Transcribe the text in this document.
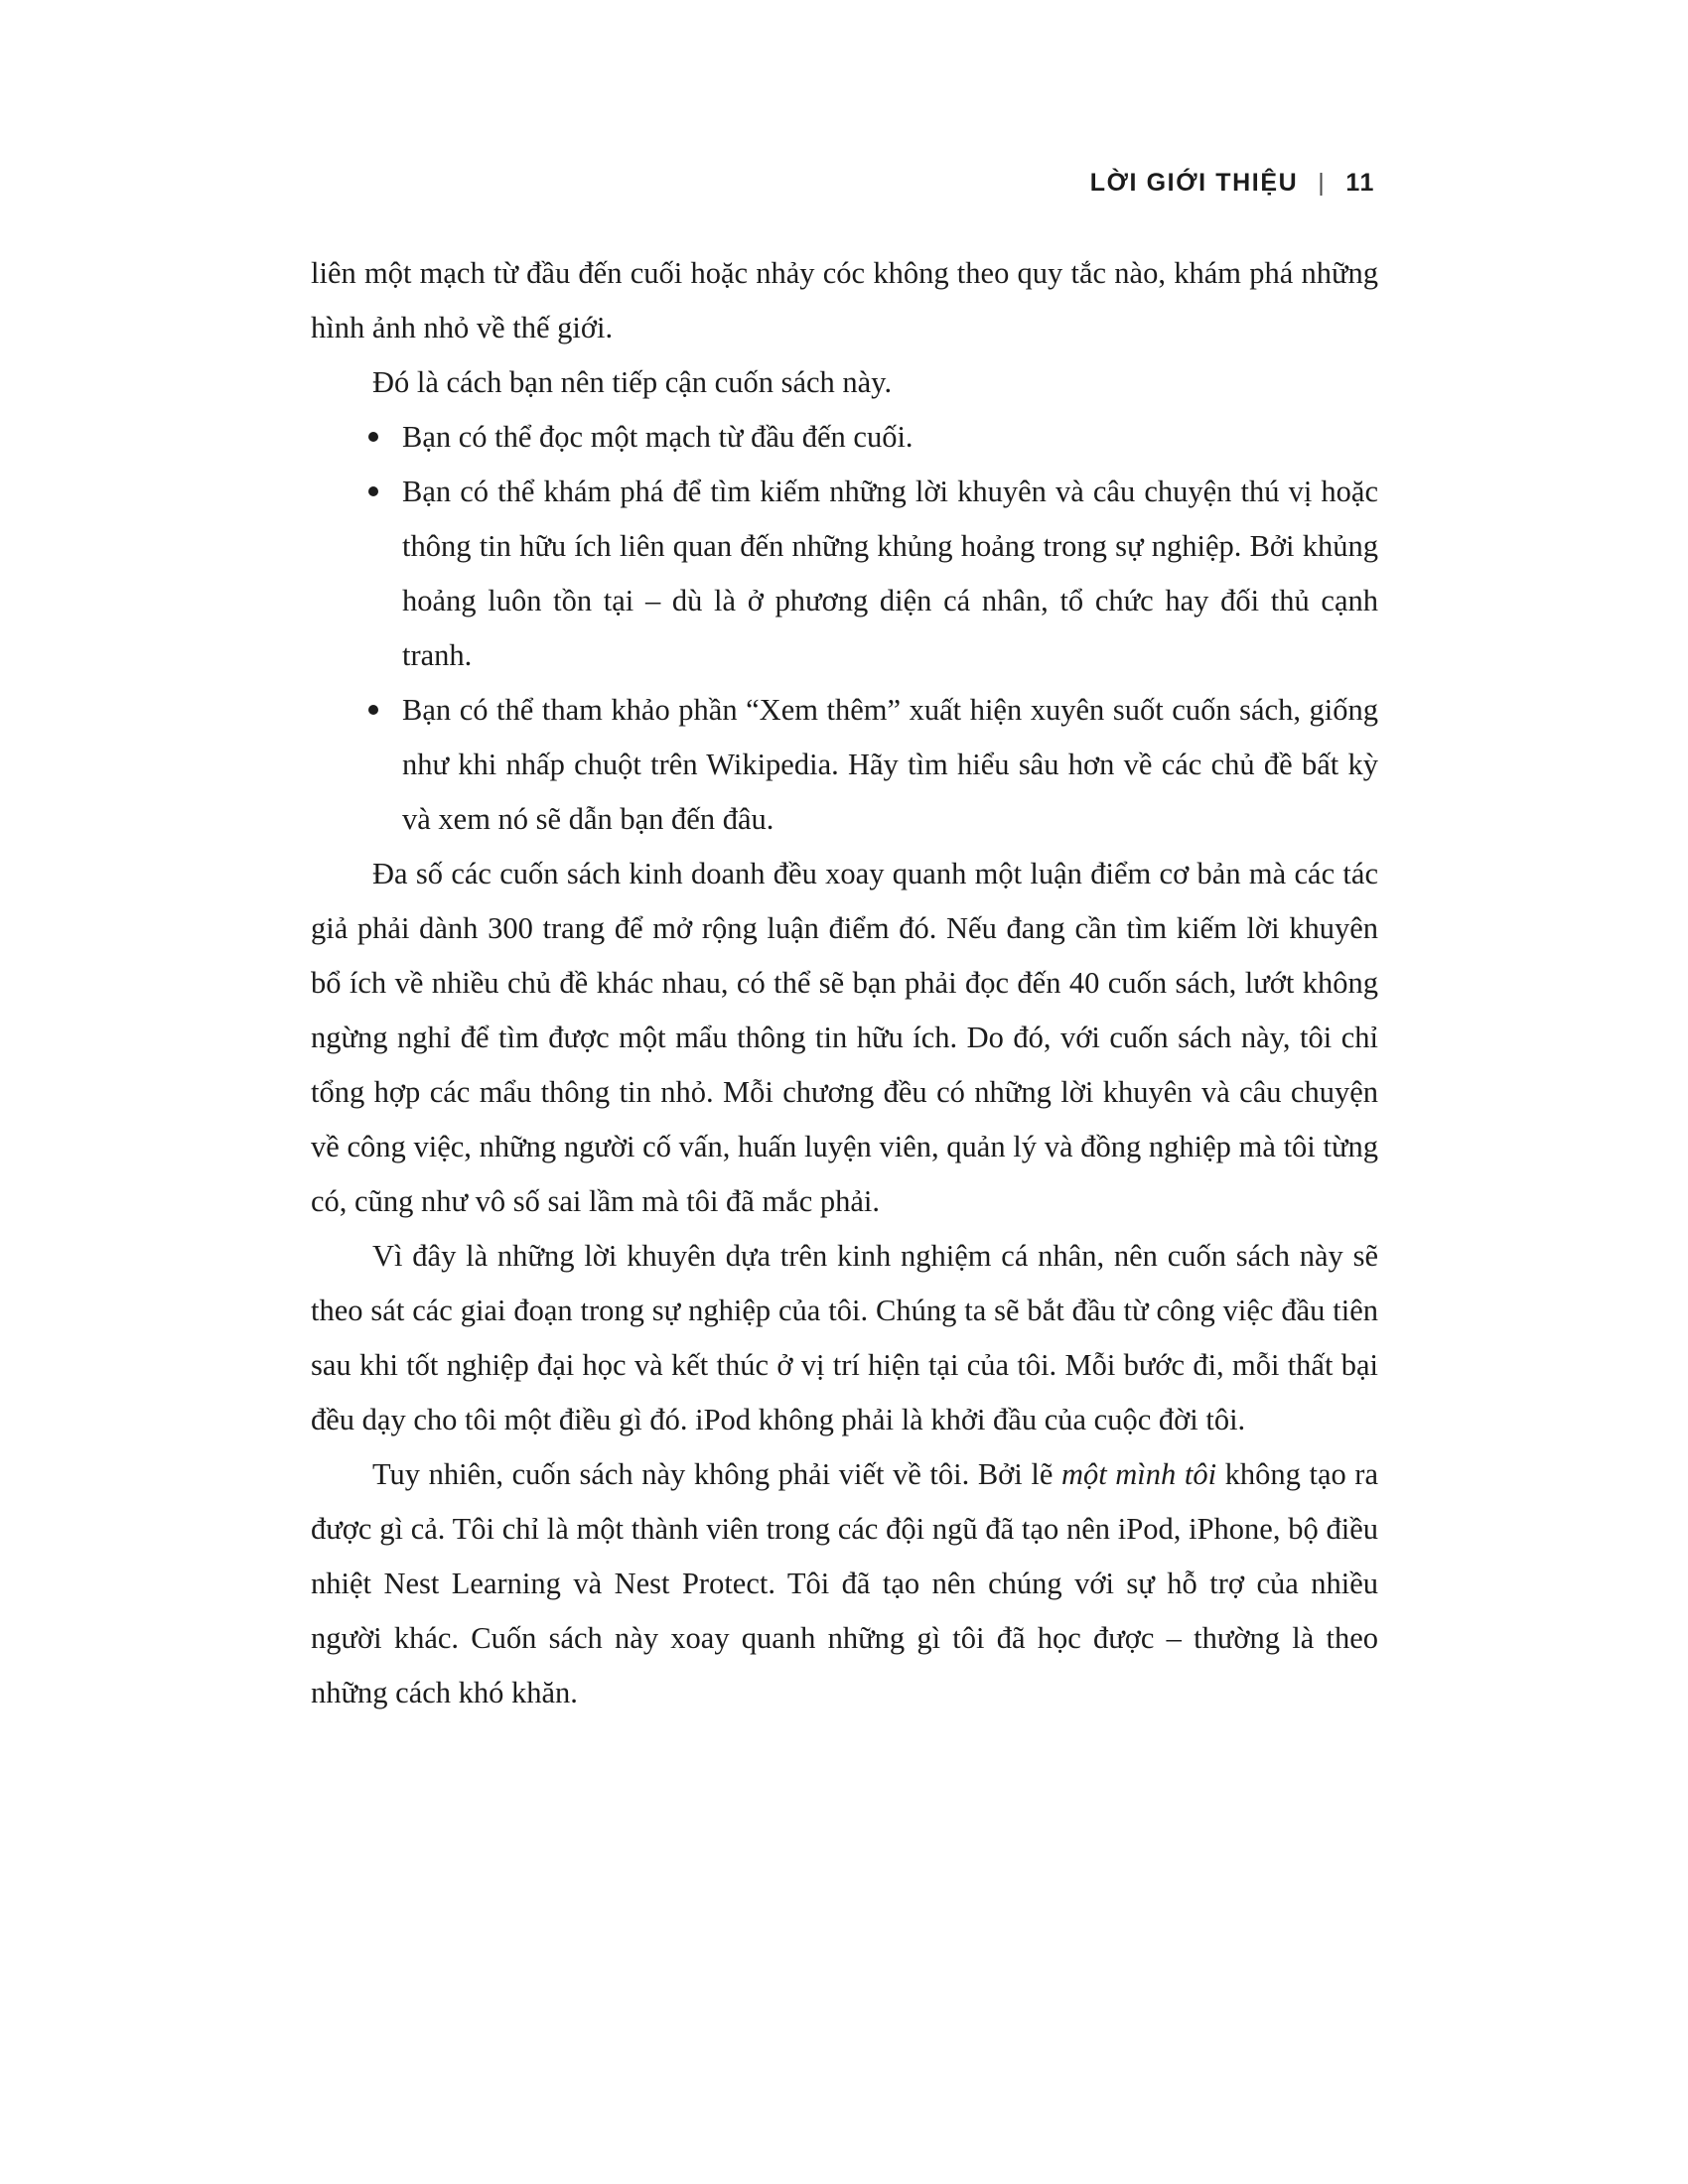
LỜI GIỚI THIỆU | 11

liên một mạch từ đầu đến cuối hoặc nhảy cóc không theo quy tắc nào, khám phá những hình ảnh nhỏ về thế giới.

Đó là cách bạn nên tiếp cận cuốn sách này.

Bạn có thể đọc một mạch từ đầu đến cuối.
Bạn có thể khám phá để tìm kiếm những lời khuyên và câu chuyện thú vị hoặc thông tin hữu ích liên quan đến những khủng hoảng trong sự nghiệp. Bởi khủng hoảng luôn tồn tại – dù là ở phương diện cá nhân, tổ chức hay đối thủ cạnh tranh.
Bạn có thể tham khảo phần “Xem thêm” xuất hiện xuyên suốt cuốn sách, giống như khi nhấp chuột trên Wikipedia. Hãy tìm hiểu sâu hơn về các chủ đề bất kỳ và xem nó sẽ dẫn bạn đến đâu.

Đa số các cuốn sách kinh doanh đều xoay quanh một luận điểm cơ bản mà các tác giả phải dành 300 trang để mở rộng luận điểm đó. Nếu đang cần tìm kiếm lời khuyên bổ ích về nhiều chủ đề khác nhau, có thể sẽ bạn phải đọc đến 40 cuốn sách, lướt không ngừng nghỉ để tìm được một mẩu thông tin hữu ích. Do đó, với cuốn sách này, tôi chỉ tổng hợp các mẩu thông tin nhỏ. Mỗi chương đều có những lời khuyên và câu chuyện về công việc, những người cố vấn, huấn luyện viên, quản lý và đồng nghiệp mà tôi từng có, cũng như vô số sai lầm mà tôi đã mắc phải.

Vì đây là những lời khuyên dựa trên kinh nghiệm cá nhân, nên cuốn sách này sẽ theo sát các giai đoạn trong sự nghiệp của tôi. Chúng ta sẽ bắt đầu từ công việc đầu tiên sau khi tốt nghiệp đại học và kết thúc ở vị trí hiện tại của tôi. Mỗi bước đi, mỗi thất bại đều dạy cho tôi một điều gì đó. iPod không phải là khởi đầu của cuộc đời tôi.

Tuy nhiên, cuốn sách này không phải viết về tôi. Bởi lẽ một mình tôi không tạo ra được gì cả. Tôi chỉ là một thành viên trong các đội ngũ đã tạo nên iPod, iPhone, bộ điều nhiệt Nest Learning và Nest Protect. Tôi đã tạo nên chúng với sự hỗ trợ của nhiều người khác. Cuốn sách này xoay quanh những gì tôi đã học được – thường là theo những cách khó khăn.
